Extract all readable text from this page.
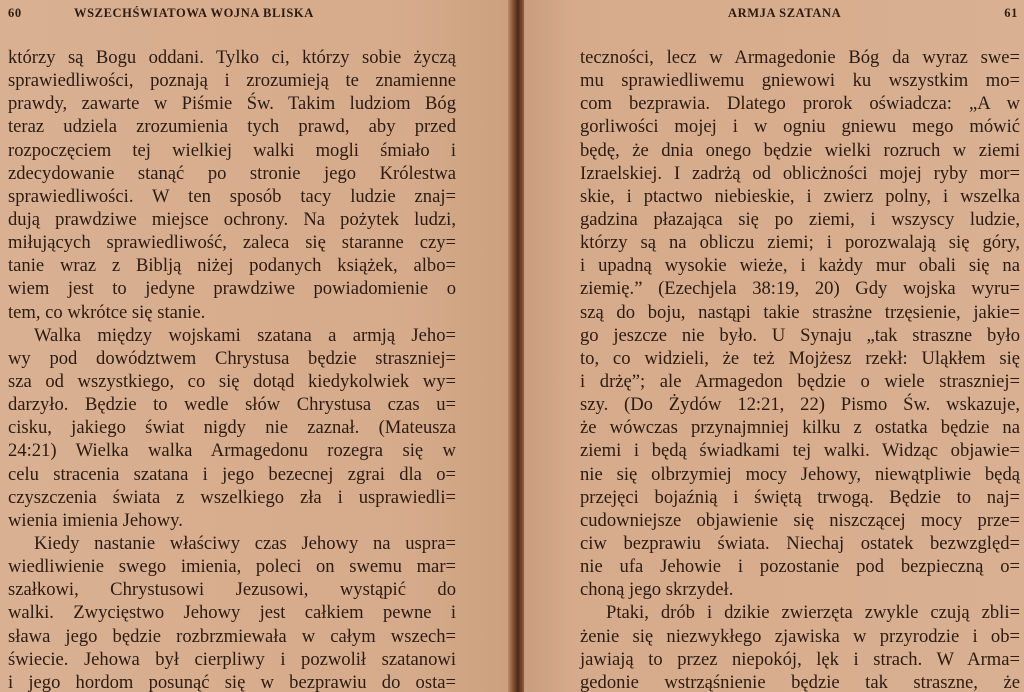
60	WSZECHŚWIATOWA WOJNA BLISKA
którzy są Bogu oddani. Tylko ci, którzy sobie życzą
sprawiedliwości, poznają i zrozumieją te znamienne
prawdy, zawarte w Piśmie Św. Takim ludziom Bóg
teraz udziela zrozumienia tych prawd, aby przed
rozpoczęciem tej wielkiej walki mogli śmiało i
zdecydowanie stanąć po stronie jego Królestwa
sprawiedliwości. W ten sposób tacy ludzie znaj=
dują prawdziwe miejsce ochrony. Na pożytek ludzi,
miłujących sprawiedliwość, zaleca się staranne czy=
tanie wraz z Biblją niżej podanych książek, albo=
wiem jest to jedyne prawdziwe powiadomienie o
tem, co wkrótce się stanie.
Walka między wojskami szatana a armją Jeho=
wy pod dowództwem Chrystusa będzie straszniej=
sza od wszystkiego, co się dotąd kiedykolwiek wy=
darzyło. Będzie to wedle słów Chrystusa czas u=
cisku, jakiego świat nigdy nie zaznał. (Mateusza
24:21) Wielka walka Armagedonu rozegra się w
celu stracenia szatana i jego bezecnej zgrai dla o=
czyszczenia świata z wszelkiego zła i usprawiedli=
wienia imienia Jehowy.
Kiedy nastanie właściwy czas Jehowy na uspra=
wiedliwienie swego imienia, poleci on swemu mar=
szałkowi, Chrystusowi Jezusowi, wystąpić do
walki. Zwycięstwo Jehowy jest całkiem pewne i
sława jego będzie rozbrzmiewała w całym wszech=
świecie. Jehowa był cierpliwy i pozwolił szatanowi
i jego hordom posunąć się w bezprawiu do osta=
ARMJA SZATANA	61
teczności, lecz w Armagedonie Bóg da wyraz swe=
mu sprawiedliwemu gniewowi ku wszystkim mo=
com bezprawia. Dlatego prorok oświadcza: „A w
gorliwości mojej i w ogniu gniewu mego mówić
będę, że dnia onego będzie wielki rozruch w ziemi
Izraelskiej. I zadrżą od oblicżności mojej ryby mor=
skie, i ptactwo niebieskie, i zwierz polny, i wszelka
gadzina płazająca się po ziemi, i wszyscy ludzie,
którzy są na obliczu ziemi; i porozwalają się góry,
i upadną wysokie wieże, i każdy mur obali się na
ziemię.” (Ezechjela 38:19, 20) Gdy wojska wyru=
szą do boju, nastąpi takie strasżne trzęsienie, jakie=
go jeszcze nie było. U Synaju „tak straszne było
to, co widzieli, że też Mojżesz rzekł: Uląkłem się
i drżę”; ale Armagedon będzie o wiele straszniej=
szy. (Do Żydów 12:21, 22) Pismo Św. wskazuje,
że wówczas przynajmniej kilku z ostatka będzie na
ziemi i będą świadkami tej walki. Widząc objawie=
nie się olbrzymiej mocy Jehowy, niewątpliwie będą
przejęci bojaźnią i świętą trwogą. Będzie to naj=
cudowniejsze objawienie się niszczącej mocy prze=
ciw bezprawiu świata. Niechaj ostatek bezwzględ=
nie ufa Jehowie i pozostanie pod bezpieczną o=
choną jego skrzydeł.
Ptaki, drób i dzikie zwierzęta zwykle czują zbli=
żenie się niezwykłego zjawiska w przyrodzie i ob=
jawiają to przez niepokój, lęk i strach. W Arma=
gedonie wstrząśnienie będzie tak straszne, że
